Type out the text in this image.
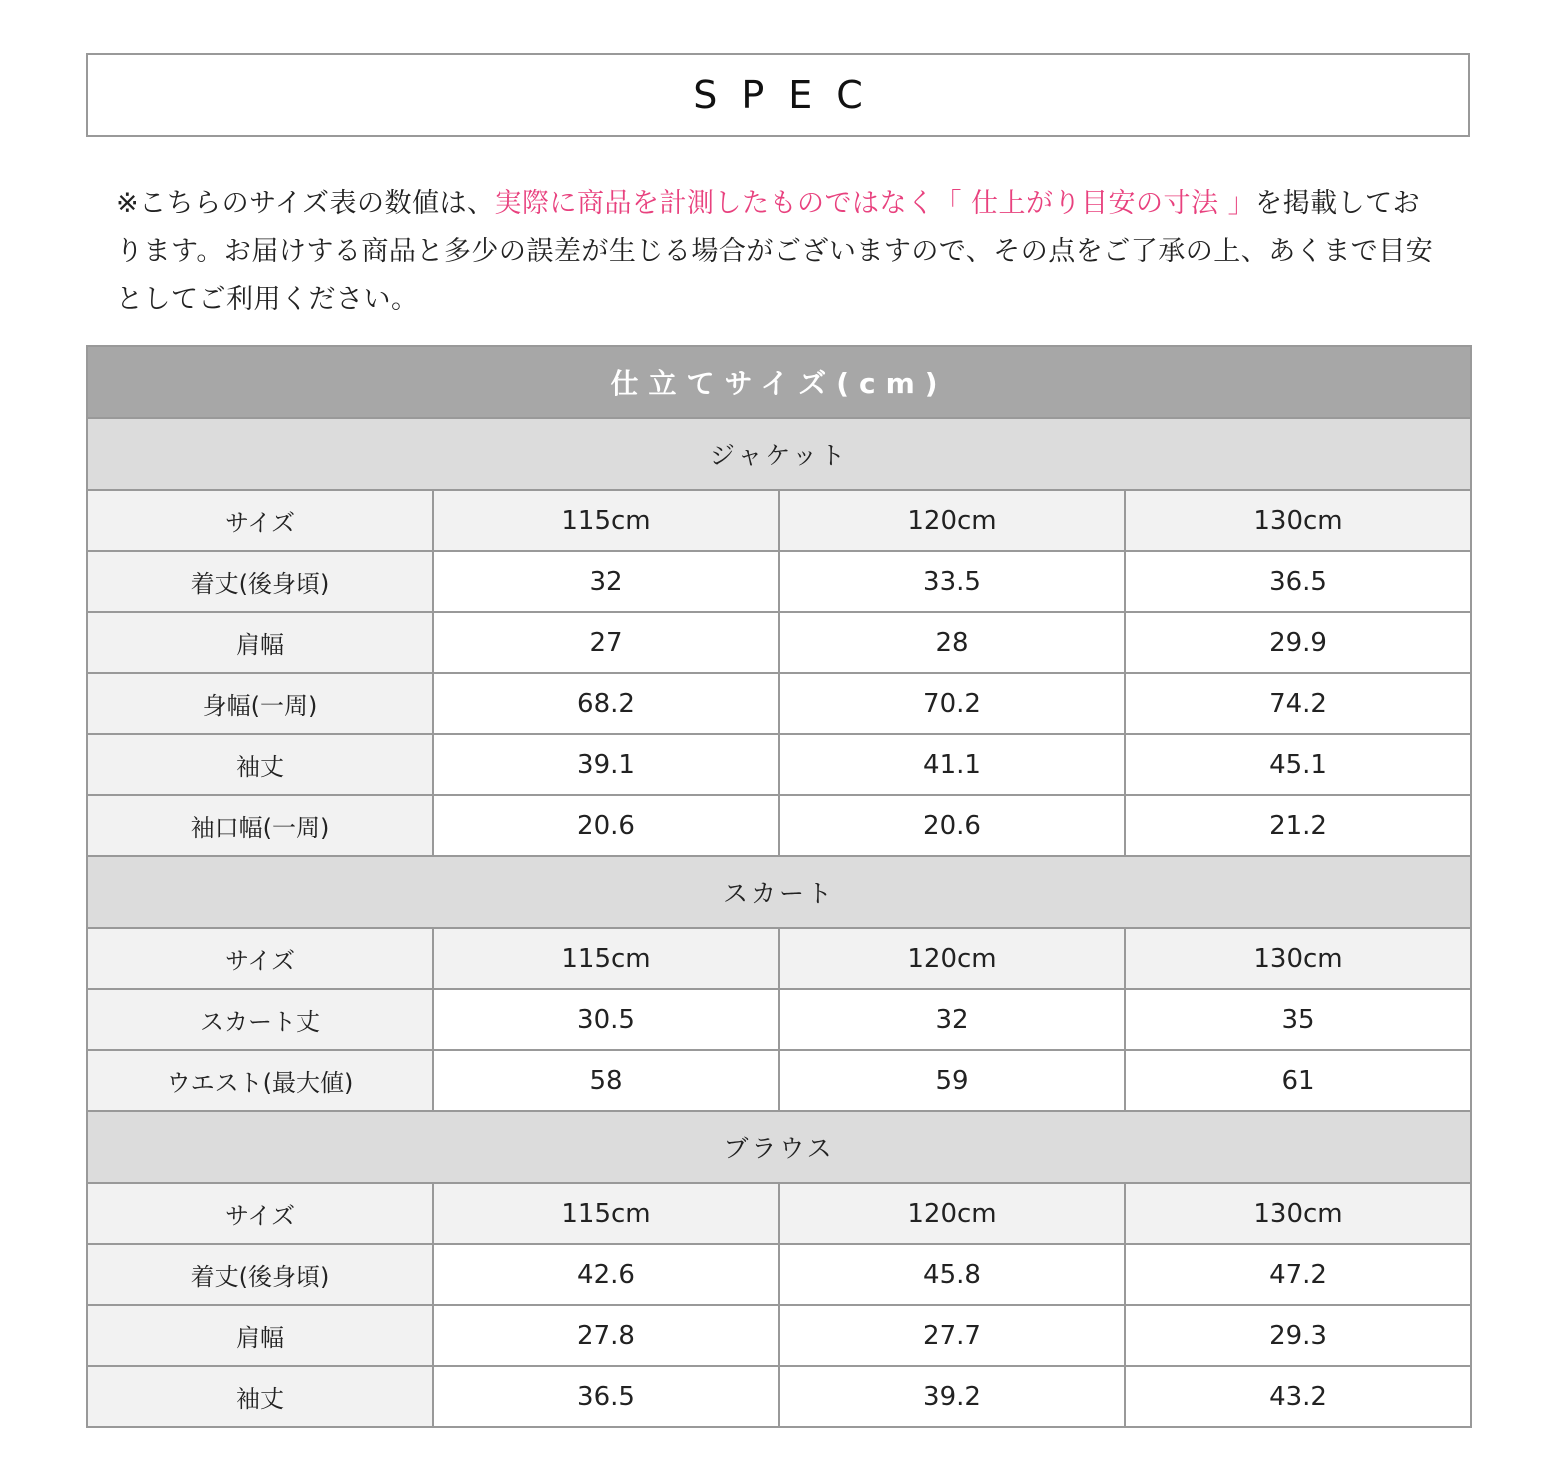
SPEC
※こちらのサイズ表の数値は、実際に商品を計測したものではなく「 仕上がり目安の寸法 」を掲載しております。お届けする商品と多少の誤差が生じる場合がございますので、その点をご了承の上、あくまで目安としてご利用ください。
仕立てサイズ(cm)			
ジャケット			
サイズ	115cm	120cm	130cm
着丈(後身頃)	32	33.5	36.5
肩幅	27	28	29.9
身幅(一周)	68.2	70.2	74.2
袖丈	39.1	41.1	45.1
袖口幅(一周)	20.6	20.6	21.2
スカート			
サイズ	115cm	120cm	130cm
スカート丈	30.5	32	35
ウエスト(最大値)	58	59	61
ブラウス			
サイズ	115cm	120cm	130cm
着丈(後身頃)	42.6	45.8	47.2
肩幅	27.8	27.7	29.3
袖丈	36.5	39.2	43.2
